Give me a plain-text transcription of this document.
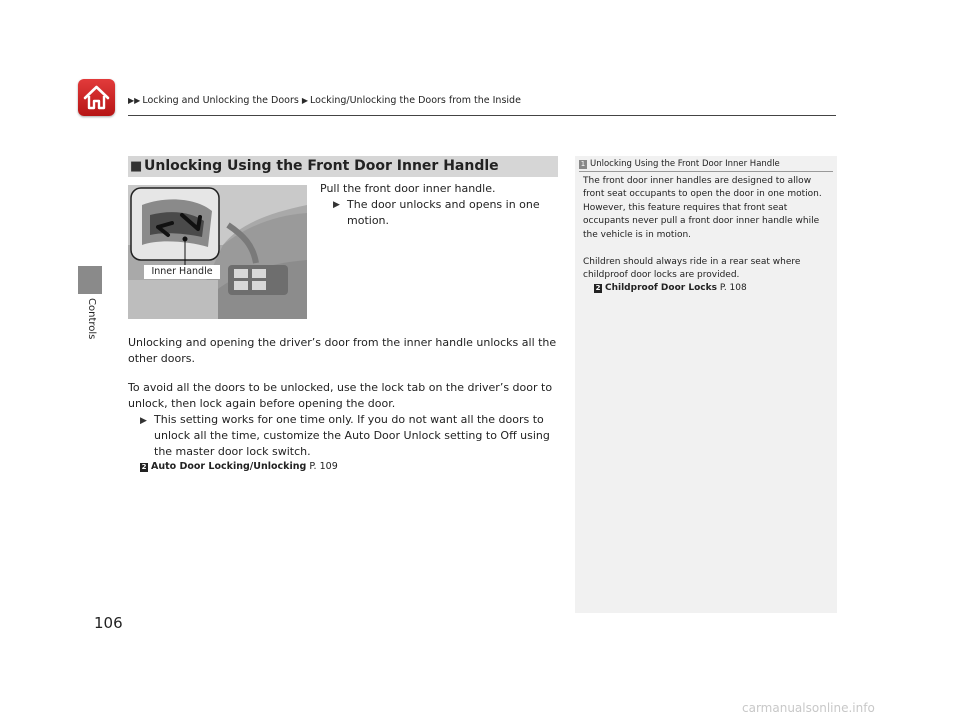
▶▶ Locking and Unlocking the Doors ▶ Locking/Unlocking the Doors from the Inside
Controls
106
■ Unlocking Using the Front Door Inner Handle
Inner Handle
Pull the front door inner handle.
▶ The door unlocks and opens in one motion.
Unlocking and opening the driver’s door from the inner handle unlocks all the other doors.
To avoid all the doors to be unlocked, use the lock tab on the driver’s door to unlock, then lock again before opening the door.
▶ This setting works for one time only. If you do not want all the doors to unlock all the time, customize the Auto Door Unlock setting to Off using the master door lock switch.
2 Auto Door Locking/Unlocking P. 109
1 Unlocking Using the Front Door Inner Handle
The front door inner handles are designed to allow front seat occupants to open the door in one motion. However, this feature requires that front seat occupants never pull a front door inner handle while the vehicle is in motion.
Children should always ride in a rear seat where childproof door locks are provided.
2 Childproof Door Locks P. 108
carmanualsonline.info
